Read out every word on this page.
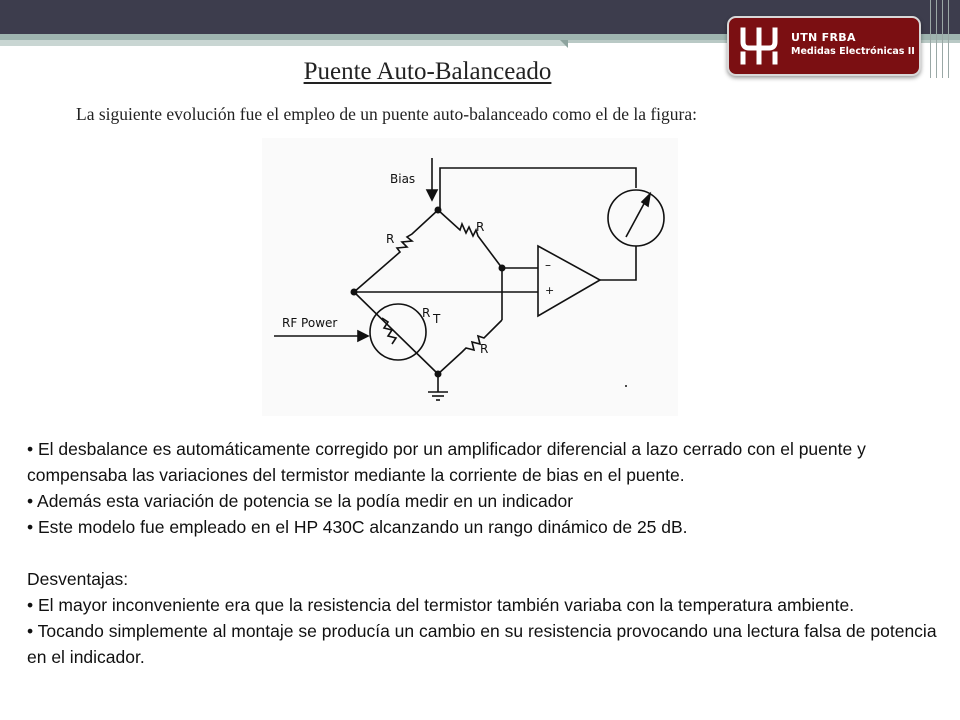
UTN FRBA
Medidas Electrónicas II
Puente Auto-Balanceado
La siguiente evolución fue el empleo de un puente auto-balanceado como el de la figura:
Bias
R
R
R T
R
RF Power
–
+

• El desbalance es automáticamente corregido por un amplificador diferencial a lazo cerrado con el puente y compensaba las variaciones del termistor mediante la corriente de bias en el puente.

• Además esta variación de potencia se la podía medir en un indicador

• Este modelo fue empleado en el HP 430C alcanzando un rango dinámico de 25 dB.

Desventajas:

• El mayor inconveniente era que la resistencia del termistor también variaba con la temperatura ambiente.

• Tocando simplemente al montaje se producía un cambio en su resistencia provocando una lectura falsa de potencia en el indicador.
